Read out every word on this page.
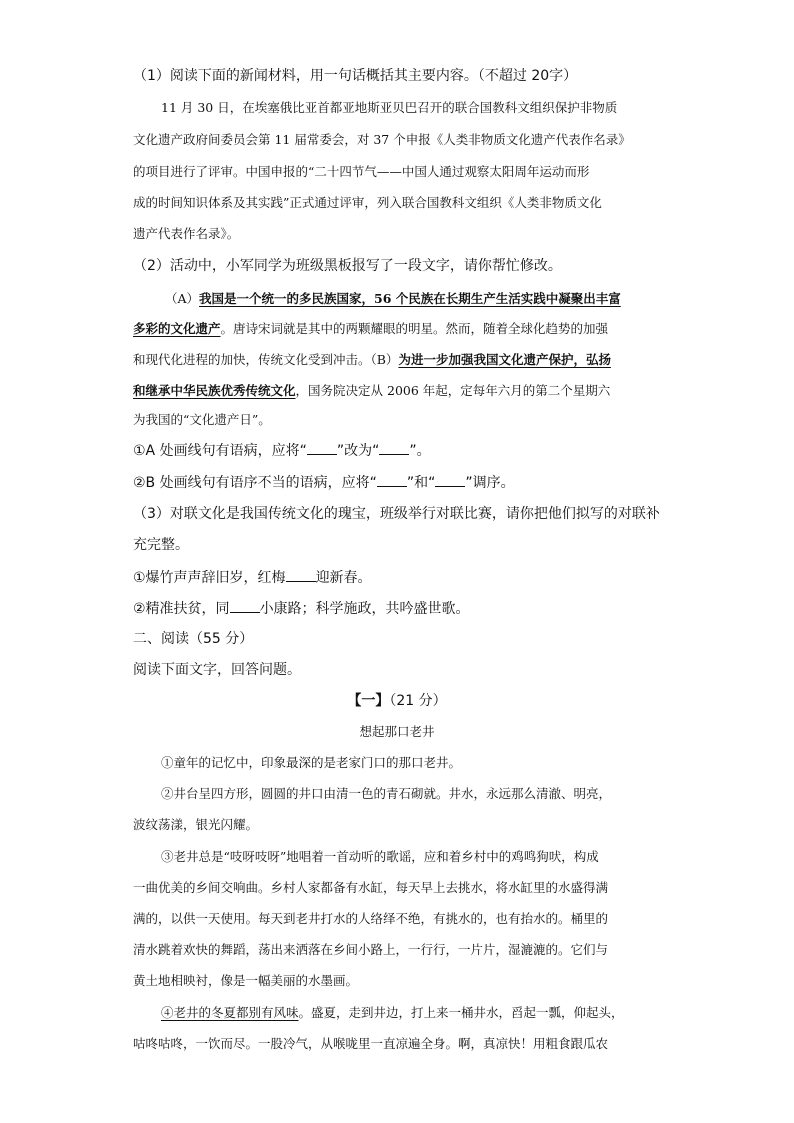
（1）阅读下面的新闻材料，用一句话概括其主要内容。（不超过 20字）
11 月 30 日，在埃塞俄比亚首都亚地斯亚贝巴召开的联合国教科文组织保护非物质
文化遗产政府间委员会第 11 届常委会，对 37 个申报《人类非物质文化遗产代表作名录》
的项目进行了评审。中国申报的“二十四节气——中国人通过观察太阳周年运动而形
成的时间知识体系及其实践”正式通过评审，列入联合国教科文组织《人类非物质文化
遗产代表作名录》。
（2）活动中，小军同学为班级黑板报写了一段文字，请你帮忙修改。
（A）我国是一个统一的多民族国家，56 个民族在长期生产生活实践中凝聚出丰富
多彩的文化遗产。唐诗宋词就是其中的两颗耀眼的明星。然而，随着全球化趋势的加强
和现代化进程的加快，传统文化受到冲击。（B）为进一步加强我国文化遗产保护，弘扬
和继承中华民族优秀传统文化，国务院决定从 2006 年起，定每年六月的第二个星期六
为我国的“文化遗产日”。
①A 处画线句有语病，应将“ ”改为“ ”。
②B 处画线句有语序不当的语病，应将“ ”和“ ”调序。
（3）对联文化是我国传统文化的瑰宝，班级举行对联比赛，请你把他们拟写的对联补
充完整。
①爆竹声声辞旧岁，红梅 迎新春。
②精准扶贫，同 小康路；科学施政，共吟盛世歌。
二、阅读（55 分）
阅读下面文字，回答问题。
【一】（21 分）
想起那口老井
①童年的记忆中，印象最深的是老家门口的那口老井。
②井台呈四方形，圆圆的井口由清一色的青石砌就。井水，永远那么清澈、明亮，
波纹荡漾，银光闪耀。
③老井总是“吱呀吱呀”地唱着一首动听的歌谣，应和着乡村中的鸡鸣狗吠，构成
一曲优美的乡间交响曲。乡村人家都备有水缸，每天早上去挑水，将水缸里的水盛得满
满的，以供一天使用。每天到老井打水的人络绎不绝，有挑水的，也有抬水的。桶里的
清水跳着欢快的舞蹈，荡出来洒落在乡间小路上，一行行，一片片，湿漉漉的。它们与
黄土地相映衬，像是一幅美丽的水墨画。
④老井的冬夏都别有风味。盛夏，走到井边，打上来一桶井水，舀起一瓢，仰起头，
咕咚咕咚，一饮而尽。一股冷气，从喉咙里一直凉遍全身。啊，真凉快！用粗食跟瓜农
